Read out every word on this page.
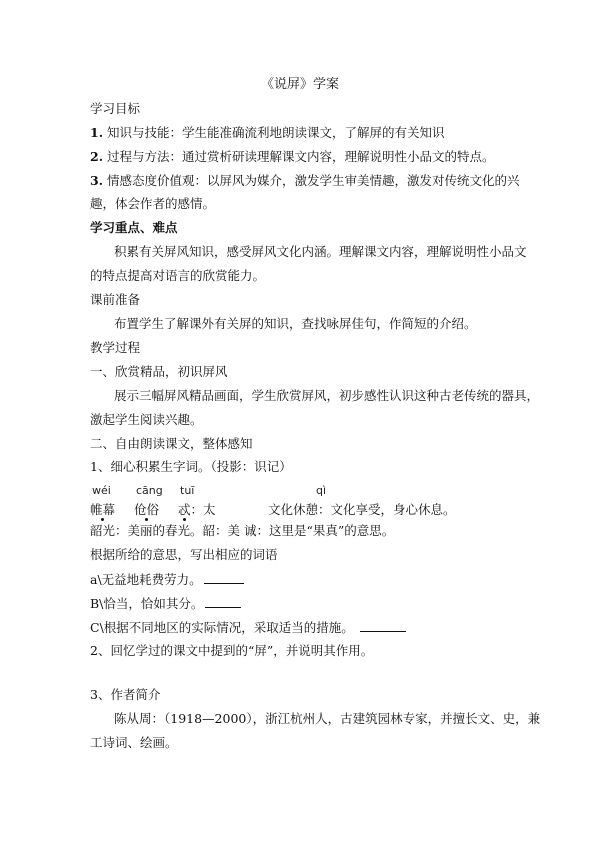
《说屏》学案

学习目标

1. 知识与技能：学生能准确流利地朗读课文，了解屏的有关知识

2. 过程与方法：通过赏析研读理解课文内容，理解说明性小品文的特点。

3. 情感态度价值观：以屏风为媒介，激发学生审美情趣，激发对传统文化的兴

趣，体会作者的感情。

学习重点、难点

积累有关屏风知识，感受屏风文化内涵。理解课文内容，理解说明性小品文

的特点提高对语言的欣赏能力。

课前准备

布置学生了解课外有关屏的知识，查找咏屏佳句，作简短的介绍。

教学过程

一、欣赏精品，初识屏风

展示三幅屏风精品画面，学生欣赏屏风，初步感性认识这种古老传统的器具，

激起学生阅读兴趣。

二、自由朗读课文，整体感知

1、细心积累生字词。（投影：识记）

wéi cāng tuī	qì
帷幕 伧俗 忒：太	文化休憩：文化享受，身心休息。

韶光：美丽的春光。韶：美 诚：这里是“果真”的意思。

根据所给的意思，写出相应的词语

a\无益地耗费劳力。

B\恰当，恰如其分。

C\根据不同地区的实际情况，采取适当的措施。

2、回忆学过的课文中提到的“屏”，并说明其作用。

3、作者简介

陈从周：（1918—2000），浙江杭州人，古建筑园林专家，并擅长文、史，兼

工诗词、绘画。
